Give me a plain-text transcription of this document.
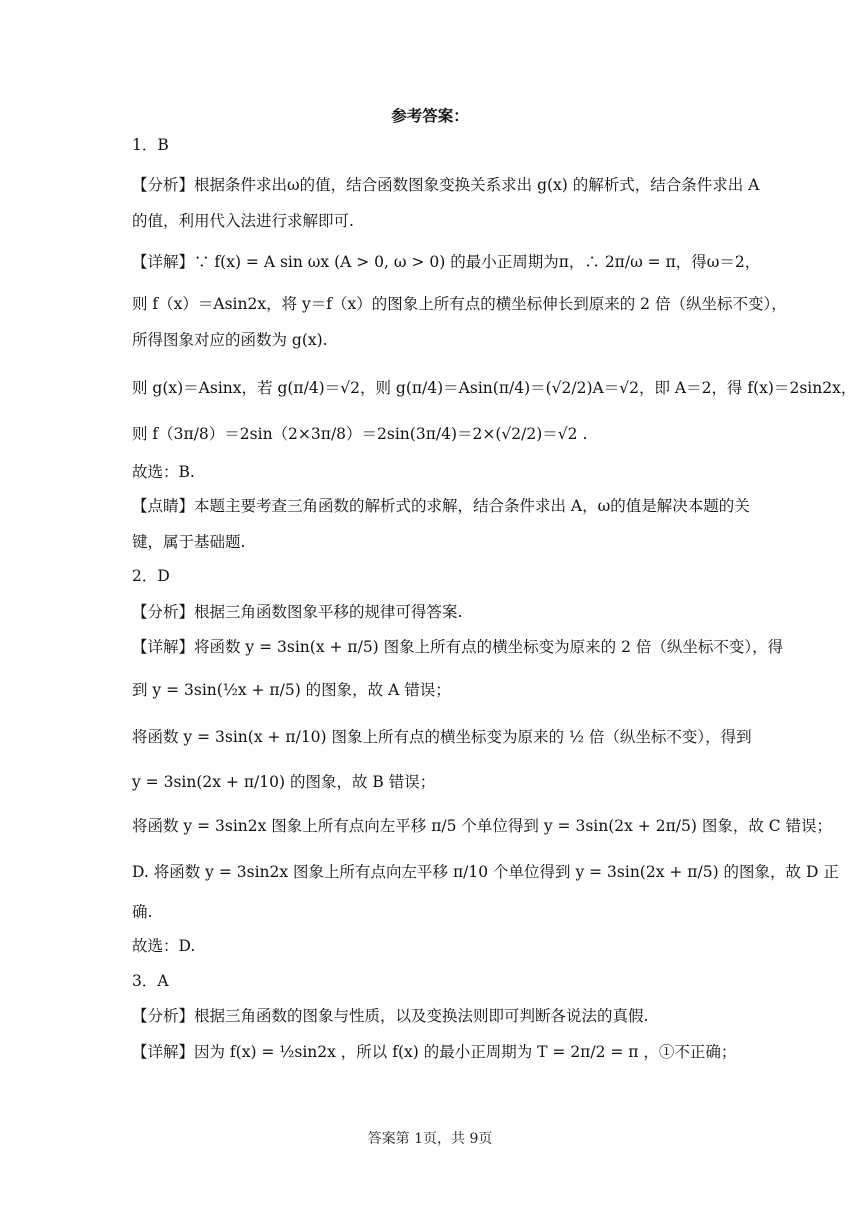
参考答案：
1．B
【分析】根据条件求出ω的值，结合函数图象变换关系求出 g(x) 的解析式，结合条件求出 A
的值，利用代入法进行求解即可.
【详解】∵ f(x) = A sin ωx (A > 0, ω > 0) 的最小正周期为π，∴ 2π/ω = π，得ω＝2，
则 f（x）＝Asin2x，将 y＝f（x）的图象上所有点的横坐标伸长到原来的 2 倍（纵坐标不变），
所得图象对应的函数为 g(x).
则 g(x)＝Asinx，若 g(π/4)＝√2，则 g(π/4)＝Asin(π/4)＝(√2/2)A＝√2，即 A＝2，得 f(x)＝2sin2x，
则 f（3π/8）＝2sin（2×3π/8）＝2sin(3π/4)＝2×(√2/2)＝√2 .
故选：B.
【点睛】本题主要考查三角函数的解析式的求解，结合条件求出 A，ω的值是解决本题的关
键，属于基础题.
2．D
【分析】根据三角函数图象平移的规律可得答案.
【详解】将函数 y = 3sin(x + π/5) 图象上所有点的横坐标变为原来的 2 倍（纵坐标不变），得
到 y = 3sin(½x + π/5) 的图象，故 A 错误；
将函数 y = 3sin(x + π/10) 图象上所有点的横坐标变为原来的 ½ 倍（纵坐标不变），得到
y = 3sin(2x + π/10) 的图象，故 B 错误；
将函数 y = 3sin2x 图象上所有点向左平移 π/5 个单位得到 y = 3sin(2x + 2π/5) 图象，故 C 错误；
D. 将函数 y = 3sin2x 图象上所有点向左平移 π/10 个单位得到 y = 3sin(2x + π/5) 的图象，故 D 正
确.
故选：D.
3．A
【分析】根据三角函数的图象与性质，以及变换法则即可判断各说法的真假.
【详解】因为 f(x) = ½sin2x ，所以 f(x) 的最小正周期为 T = 2π/2 = π ，①不正确；
答案第 1页，共 9页
